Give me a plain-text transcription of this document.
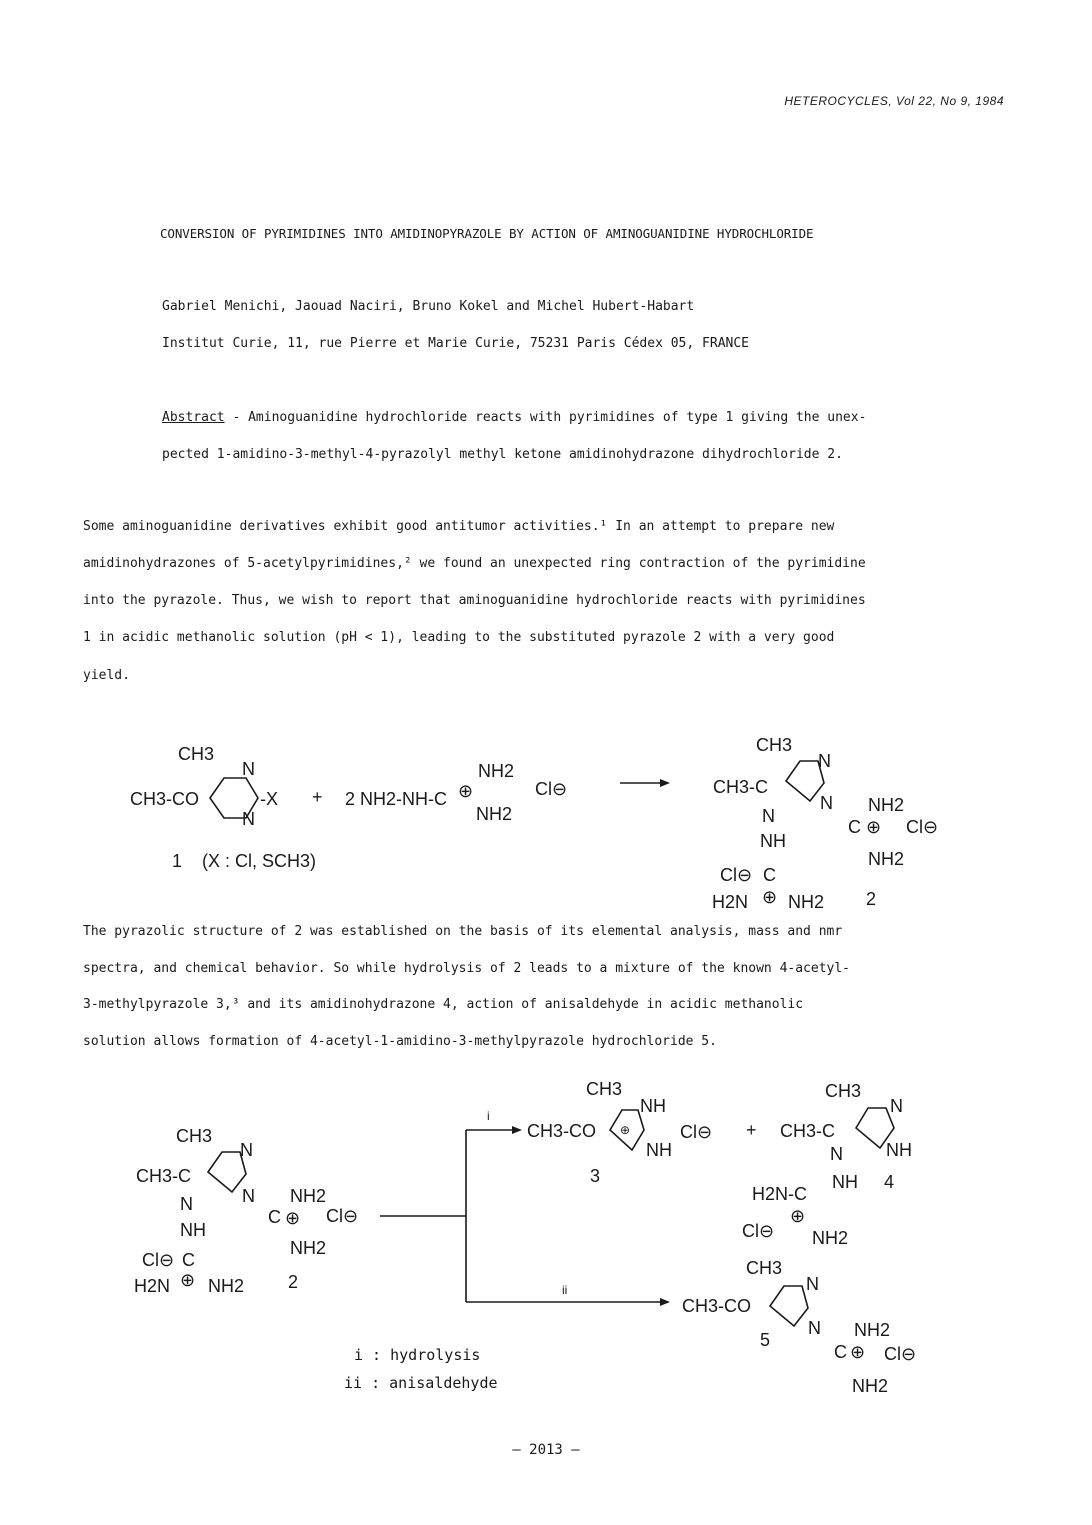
HETEROCYCLES, Vol 22, No 9, 1984
CONVERSION OF PYRIMIDINES INTO AMIDINOPYRAZOLE BY ACTION OF AMINOGUANIDINE HYDROCHLORIDE
Gabriel Menichi, Jaouad Naciri, Bruno Kokel and Michel Hubert-Habart
Institut Curie, 11, rue Pierre et Marie Curie, 75231 Paris Cédex 05, FRANCE
Abstract - Aminoguanidine hydrochloride reacts with pyrimidines of type 1 giving the unex-
pected 1-amidino-3-methyl-4-pyrazolyl methyl ketone amidinohydrazone dihydrochloride 2.
Some aminoguanidine derivatives exhibit good antitumor activities.¹ In an attempt to prepare new
amidinohydrazones of 5-acetylpyrimidines,² we found an unexpected ring contraction of the pyrimidine
into the pyrazole. Thus, we wish to report that aminoguanidine hydrochloride reacts with pyrimidines
1 in acidic methanolic solution (pH < 1), leading to the substituted pyrazole 2 with a very good
yield.
CH3
CH3-CO
N
N
-X + 2 NH2-NH-C
NH2
⊕
NH2
Cl⊖
1 (X : Cl, SCH3)
CH3
CH3-C
N
N
N
NH
NH2
C ⊕
NH2
Cl⊖
Cl⊖ C
H2N ⊕ NH2 2
The pyrazolic structure of 2 was established on the basis of its elemental analysis, mass and nmr
spectra, and chemical behavior. So while hydrolysis of 2 leads to a mixture of the known 4-acetyl-
3-methylpyrazole 3,³ and its amidinohydrazone 4, action of anisaldehyde in acidic methanolic
solution allows formation of 4-acetyl-1-amidino-3-methylpyrazole hydrochloride 5.
CH3
CH3-C
N
N
N
NH
NH2
C ⊕
NH2
Cl⊖
Cl⊖ C
H2N ⊕ NH2 2
i
ii
CH3
CH3-CO ⊕
NH
NH
Cl⊖
3
+
CH3
CH3-C
N
NH
N
NH 4
H2N-C
⊕
Cl⊖ NH2
CH3
CH3-CO
N
N NH2
C ⊕ Cl⊖
NH2
5
i : hydrolysis
ii : anisaldehyde
— 2013 —
